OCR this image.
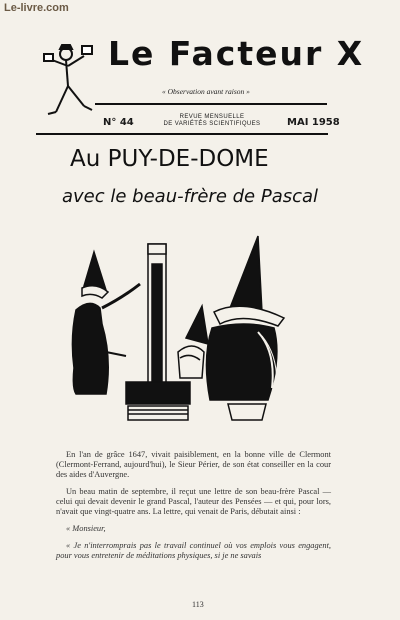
Le-livre.com
Le Facteur X
« Observation avant raison »
N° 44	REVUE MENSUELLE
DE VARIÉTÉS SCIENTIFIQUES	MAI 1958
Au PUY-DE-DOME
avec le beau-frère de Pascal

En l'an de grâce 1647, vivait paisiblement, en la bonne ville de Clermont (Clermont-Ferrand, aujourd'hui), le Sieur Périer, de son état conseiller en la cour des aides d'Auvergne.

Un beau matin de septembre, il reçut une lettre de son beau-frère Pascal — celui qui devait devenir le grand Pascal, l'auteur des Pensées — et qui, pour lors, n'avait que vingt-quatre ans. La lettre, qui venait de Paris, débutait ainsi :

« Monsieur,

« Je n'interromprais pas le travail continuel où vos emplois vous engagent, pour vous entretenir de méditations physiques, si je ne savais

113
